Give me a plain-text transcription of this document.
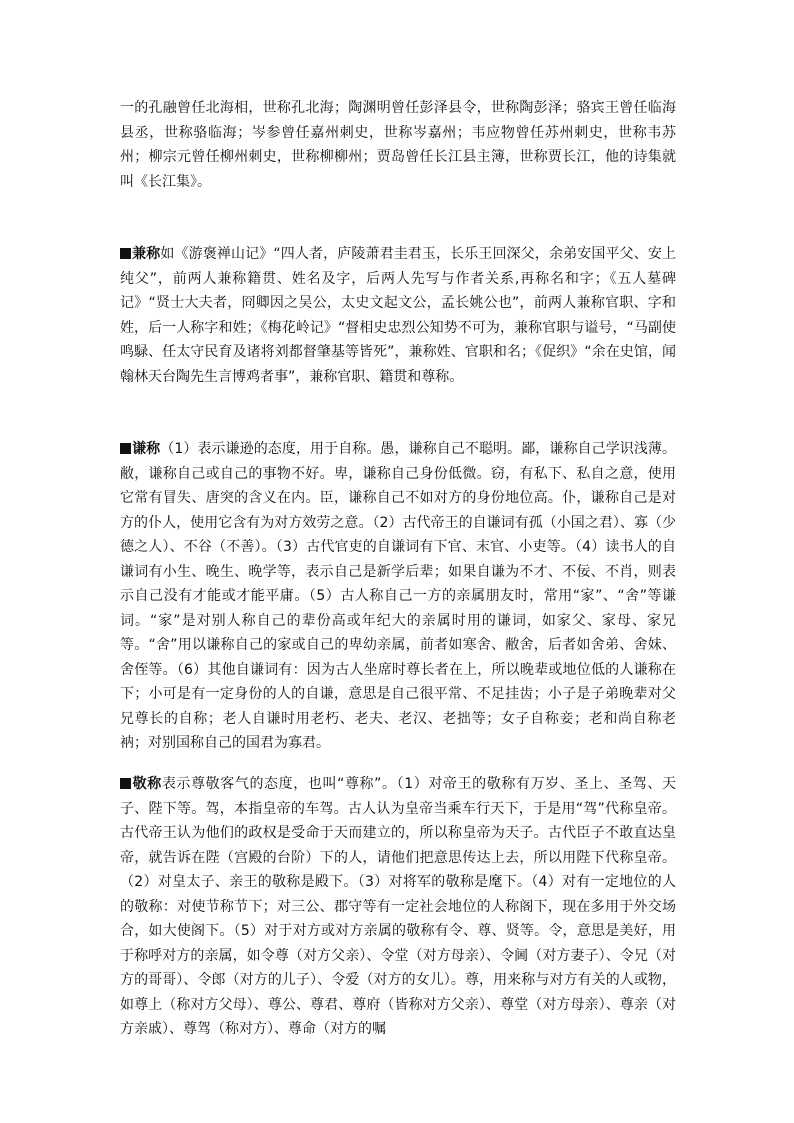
一的孔融曾任北海相，世称孔北海；陶渊明曾任彭泽县令，世称陶彭泽；骆宾王曾任临海县丞，世称骆临海；岑参曾任嘉州刺史，世称岑嘉州；韦应物曾任苏州刺史，世称韦苏州；柳宗元曾任柳州刺史，世称柳柳州；贾岛曾任长江县主簿，世称贾长江，他的诗集就叫《长江集》。

兼称如《游褒禅山记》“四人者，庐陵萧君圭君玉，长乐王回深父，余弟安国平父、安上纯父”，前两人兼称籍贯、姓名及字，后两人先写与作者关系,再称名和字；《五人墓碑记》“贤士大夫者，冏卿因之吴公，太史文起文公，孟长姚公也”，前两人兼称官职、字和姓，后一人称字和姓；《梅花岭记》“督相史忠烈公知势不可为，兼称官职与谥号，“马副使鸣騄、任太守民育及诸将刘都督肇基等皆死”，兼称姓、官职和名；《促织》“余在史馆，闻翰林天台陶先生言博鸡者事”，兼称官职、籍贯和尊称。

谦称（1）表示谦逊的态度，用于自称。愚，谦称自己不聪明。鄙，谦称自己学识浅薄。敝，谦称自己或自己的事物不好。卑，谦称自己身份低微。窃，有私下、私自之意，使用它常有冒失、唐突的含义在内。臣，谦称自己不如对方的身份地位高。仆，谦称自己是对方的仆人，使用它含有为对方效劳之意。（2）古代帝王的自谦词有孤（小国之君）、寡（少德之人）、不谷（不善）。（3）古代官吏的自谦词有下官、末官、小吏等。（4）读书人的自谦词有小生、晚生、晚学等，表示自己是新学后辈；如果自谦为不才、不佞、不肖，则表示自己没有才能或才能平庸。（5）古人称自己一方的亲属朋友时，常用“家”、“舍”等谦词。“家”是对别人称自己的辈份高或年纪大的亲属时用的谦词，如家父、家母、家兄等。“舍”用以谦称自己的家或自己的卑幼亲属，前者如寒舍、敝舍，后者如舍弟、舍妹、舍侄等。（6）其他自谦词有：因为古人坐席时尊长者在上，所以晚辈或地位低的人谦称在下；小可是有一定身份的人的自谦，意思是自己很平常、不足挂齿；小子是子弟晚辈对父兄尊长的自称；老人自谦时用老朽、老夫、老汉、老拙等；女子自称妾；老和尚自称老衲；对别国称自己的国君为寡君。

敬称表示尊敬客气的态度，也叫“尊称”。（1）对帝王的敬称有万岁、圣上、圣驾、天子、陛下等。驾，本指皇帝的车驾。古人认为皇帝当乘车行天下，于是用“驾”代称皇帝。古代帝王认为他们的政权是受命于天而建立的，所以称皇帝为天子。古代臣子不敢直达皇帝，就告诉在陛（宫殿的台阶）下的人，请他们把意思传达上去，所以用陛下代称皇帝。（2）对皇太子、亲王的敬称是殿下。（3）对将军的敬称是麾下。（4）对有一定地位的人的敬称：对使节称节下；对三公、郡守等有一定社会地位的人称阁下，现在多用于外交场合，如大使阁下。（5）对于对方或对方亲属的敬称有令、尊、贤等。令，意思是美好，用于称呼对方的亲属，如令尊（对方父亲）、令堂（对方母亲）、令阃（对方妻子）、令兄（对方的哥哥）、令郎（对方的儿子）、令爱（对方的女儿）。尊，用来称与对方有关的人或物，如尊上（称对方父母）、尊公、尊君、尊府（皆称对方父亲）、尊堂（对方母亲）、尊亲（对方亲戚）、尊驾（称对方）、尊命（对方的嘱
